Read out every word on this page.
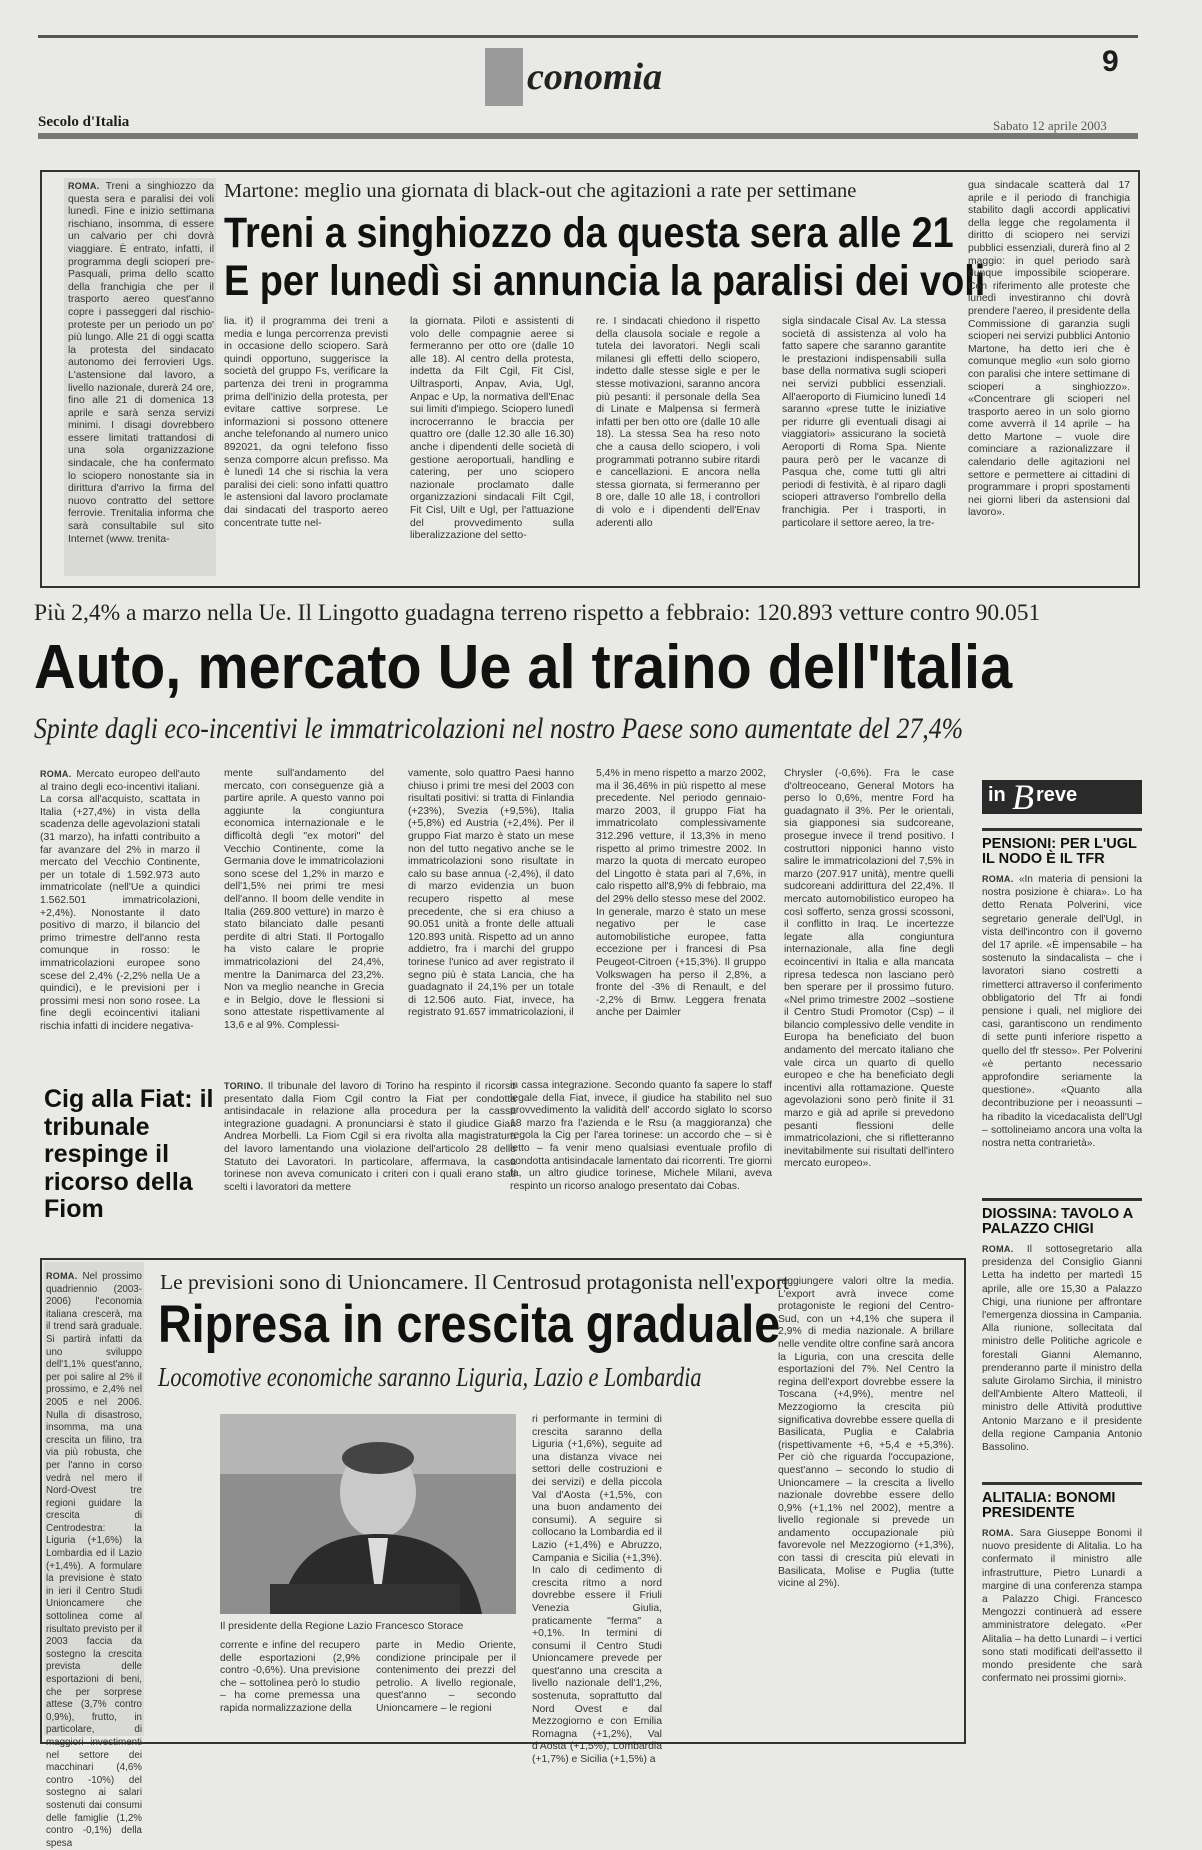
E conomia	9
Secolo d'Italia	Sabato 12 aprile 2003
ROMA. Treni a singhiozzo da questa sera e paralisi dei voli lunedì. Fine e inizio settimana rischiano, insomma, di essere un calvario per chi dovrà viaggiare. È entrato, infatti, il programma degli scioperi pre-Pasquali, prima dello scatto della franchigia che per il trasporto aereo quest'anno copre i passeggeri dal rischio-proteste per un periodo un po' più lungo. Alle 21 di oggi scatta la protesta del sindacato autonomo dei ferrovieri Ugs. L'astensione dal lavoro, a livello nazionale, durerà 24 ore, fino alle 21 di domenica 13 aprile e sarà senza servizi minimi. I disagi dovrebbero essere limitati trattandosi di una sola organizzazione sindacale, che ha confermato lo sciopero nonostante sia in dirittura d'arrivo la firma del nuovo contratto del settore ferrovie. Trenitalia informa che sarà consultabile sul sito Internet (www. trenita-
Martone: meglio una giornata di black-out che agitazioni a rate per settimane
Treni a singhiozzo da questa sera alle 21
E per lunedì si annuncia la paralisi dei voli
lia. it) il programma dei treni a media e lunga percorrenza previsti in occasione dello sciopero. Sarà quindi opportuno, suggerisce la società del gruppo Fs, verificare la partenza dei treni in programma prima dell'inizio della protesta, per evitare cattive sorprese. Le informazioni si possono ottenere anche telefonando al numero unico 892021, da ogni telefono fisso senza comporre alcun prefisso. Ma è lunedì 14 che si rischia la vera paralisi dei cieli: sono infatti quattro le astensioni dal lavoro proclamate dai sindacati del trasporto aereo concentrate tutte nel-
la giornata. Piloti e assistenti di volo delle compagnie aeree si fermeranno per otto ore (dalle 10 alle 18). Al centro della protesta, indetta da Filt Cgil, Fit Cisl, Uiltrasporti, Anpav, Avia, Ugl, Anpac e Up, la normativa dell'Enac sui limiti d'impiego. Sciopero lunedì incrocerranno le braccia per quattro ore (dalle 12.30 alle 16.30) anche i dipendenti delle società di gestione aeroportuali, handling e catering, per uno sciopero nazionale proclamato dalle organizzazioni sindacali Filt Cgil, Fit Cisl, Uilt e Ugl, per l'attuazione del provvedimento sulla liberalizzazione del setto-
re. I sindacati chiedono il rispetto della clausola sociale e regole a tutela dei lavoratori. Negli scali milanesi gli effetti dello sciopero, indetto dalle stesse sigle e per le stesse motivazioni, saranno ancora più pesanti: il personale della Sea di Linate e Malpensa si fermerà infatti per ben otto ore (dalle 10 alle 18). La stessa Sea ha reso noto che a causa dello sciopero, i voli programmati potranno subire ritardi e cancellazioni. E ancora nella stessa giornata, si fermeranno per 8 ore, dalle 10 alle 18, i controllori di volo e i dipendenti dell'Enav aderenti allo
sigla sindacale Cisal Av. La stessa società di assistenza al volo ha fatto sapere che saranno garantite le prestazioni indispensabili sulla base della normativa sugli scioperi nei servizi pubblici essenziali. All'aeroporto di Fiumicino lunedì 14 saranno «prese tutte le iniziative per ridurre gli eventuali disagi ai viaggiatori» assicurano la società Aeroporti di Roma Spa. Niente paura però per le vacanze di Pasqua che, come tutti gli altri periodi di festività, è al riparo dagli scioperi attraverso l'ombrello della franchigia. Per i trasporti, in particolare il settore aereo, la tre-
gua sindacale scatterà dal 17 aprile e il periodo di franchigia stabilito dagli accordi applicativi della legge che regolamenta il diritto di sciopero nei servizi pubblici essenziali, durerà fino al 2 maggio: in quel periodo sarà dunque impossibile scioperare. Con riferimento alle proteste che lunedì investiranno chi dovrà prendere l'aereo, il presidente della Commissione di garanzia sugli scioperi nei servizi pubblici Antonio Martone, ha detto ieri che è comunque meglio «un solo giorno con paralisi che intere settimane di scioperi a singhiozzo». «Concentrare gli scioperi nel trasporto aereo in un solo giorno come avverrà il 14 aprile – ha detto Martone – vuole dire cominciare a razionalizzare il calendario delle agitazioni nel settore e permettere ai cittadini di programmare i propri spostamenti nei giorni liberi da astensioni dal lavoro».
Più 2,4% a marzo nella Ue. Il Lingotto guadagna terreno rispetto a febbraio: 120.893 vetture contro 90.051
Auto, mercato Ue al traino dell'Italia
Spinte dagli eco-incentivi le immatricolazioni nel nostro Paese sono aumentate del 27,4%
ROMA. Mercato europeo dell'auto al traino degli eco-incentivi italiani. La corsa all'acquisto, scattata in Italia (+27,4%) in vista della scadenza delle agevolazioni statali (31 marzo), ha infatti contribuito a far avanzare del 2% in marzo il mercato del Vecchio Continente, per un totale di 1.592.973 auto immatricolate (nell'Ue a quindici 1.562.501 immatricolazioni, +2,4%). Nonostante il dato positivo di marzo, il bilancio del primo trimestre dell'anno resta comunque in rosso: le immatricolazioni europee sono scese del 2,4% (-2,2% nella Ue a quindici), e le previsioni per i prossimi mesi non sono rosee. La fine degli ecoincentivi italiani rischia infatti di incidere negativa-
mente sull'andamento del mercato, con conseguenze già a partire aprile. A questo vanno poi aggiunte la congiuntura economica internazionale e le difficoltà degli "ex motori" del Vecchio Continente, come la Germania dove le immatricolazioni sono scese del 1,2% in marzo e dell'1,5% nei primi tre mesi dell'anno. Il boom delle vendite in Italia (269.800 vetture) in marzo è stato bilanciato dalle pesanti perdite di altri Stati. Il Portogallo ha visto calare le proprie immatricolazioni del 24,4%, mentre la Danimarca del 23,2%. Non va meglio neanche in Grecia e in Belgio, dove le flessioni si sono attestate rispettivamente al 13,6 e al 9%. Complessi-
vamente, solo quattro Paesi hanno chiuso i primi tre mesi del 2003 con risultati positivi: si tratta di Finlandia (+23%), Svezia (+9,5%), Italia (+5,8%) ed Austria (+2,4%). Per il gruppo Fiat marzo è stato un mese non del tutto negativo anche se le immatricolazioni sono risultate in calo su base annua (-2,4%), il dato di marzo evidenzia un buon recupero rispetto al mese precedente, che si era chiuso a 90.051 unità a fronte delle attuali 120.893 unità. Rispetto ad un anno addietro, fra i marchi del gruppo torinese l'unico ad aver registrato il segno più è stata Lancia, che ha guadagnato il 24,1% per un totale di 12.506 auto. Fiat, invece, ha registrato 91.657 immatricolazioni, il
5,4% in meno rispetto a marzo 2002, ma il 36,46% in più rispetto al mese precedente. Nel periodo gennaio-marzo 2003, il gruppo Fiat ha immatricolato complessivamente 312.296 vetture, il 13,3% in meno rispetto al primo trimestre 2002. In marzo la quota di mercato europeo del Lingotto è stata pari al 7,6%, in calo rispetto all'8,9% di febbraio, ma del 29% dello stesso mese del 2002. In generale, marzo è stato un mese negativo per le case automobilistiche europee, fatta eccezione per i francesi di Psa Peugeot-Citroen (+15,3%). Il gruppo Volkswagen ha perso il 2,8%, a fronte del -3% di Renault, e del -2,2% di Bmw. Leggera frenata anche per Daimler
Chrysler (-0,6%). Fra le case d'oltreoceano, General Motors ha perso lo 0,6%, mentre Ford ha guadagnato il 3%. Per le orientali, sia giapponesi sia sudcoreane, prosegue invece il trend positivo. I costruttori nipponici hanno visto salire le immatricolazioni del 7,5% in marzo (207.917 unità), mentre quelli sudcoreani addirittura del 22,4%. Il mercato automobilistico europeo ha così sofferto, senza grossi scossoni, il conflitto in Iraq. Le incertezze legate alla congiuntura internazionale, alla fine degli ecoincentivi in Italia e alla mancata ripresa tedesca non lasciano però ben sperare per il prossimo futuro. «Nel primo trimestre 2002 –sostiene il Centro Studi Promotor (Csp) – il bilancio complessivo delle vendite in Europa ha beneficiato del buon andamento del mercato italiano che vale circa un quarto di quello europeo e che ha beneficiato degli incentivi alla rottamazione. Queste agevolazioni sono però finite il 31 marzo e già ad aprile si prevedono pesanti flessioni delle immatricolazioni, che si rifletteranno inevitabilmente sui risultati dell'intero mercato europeo».
Cig alla Fiat: il tribunale respinge il ricorso della Fiom
TORINO. Il tribunale del lavoro di Torino ha respinto il ricorso presentato dalla Fiom Cgil contro la Fiat per condotta antisindacale in relazione alla procedura per la cassa integrazione guadagni. A pronunciarsi è stato il giudice Gian Andrea Morbelli. La Fiom Cgil si era rivolta alla magistratura del lavoro lamentando una violazione dell'articolo 28 dello Statuto dei Lavoratori. In particolare, affermava, la casa torinese non aveva comunicato i criteri con i quali erano stati scelti i lavoratori da mettere
in cassa integrazione. Secondo quanto fa sapere lo staff legale della Fiat, invece, il giudice ha stabilito nel suo provvedimento la validità dell' accordo siglato lo scorso 18 marzo fra l'azienda e le Rsu (a maggioranza) che regola la Cig per l'area torinese: un accordo che – si è letto – fa venir meno qualsiasi eventuale profilo di condotta antisindacale lamentato dai ricorrenti. Tre giorni fa, un altro giudice torinese, Michele Milani, aveva respinto un ricorso analogo presentato dai Cobas.
ROMA. Nel prossimo quadriennio (2003-2006) l'economia italiana crescerà, ma il trend sarà graduale. Si partirà infatti da uno sviluppo dell'1,1% quest'anno, per poi salire al 2% il prossimo, e 2,4% nel 2005 e nel 2006. Nulla di disastroso, insomma, ma una crescita un filino, tra via più robusta, che per l'anno in corso vedrà nel mero il Nord-Ovest tre regioni guidare la crescita di Centrodestra: la Liguria (+1,6%) la Lombardia ed il Lazio (+1,4%). A formulare la previsione è stato in ieri il Centro Studi Unioncamere che sottolinea come al risultato previsto per il 2003 faccia da sostegno la crescita prevista delle esportazioni di beni, che per sorprese attese (3,7% contro 0,9%), frutto, in particolare, di maggiori investimenti nel settore dei macchinari (4,6% contro -10%) del sostegno ai salari sostenuti dai consumi delle famiglie (1,2% contro -0,1%) della spesa
Le previsioni sono di Unioncamere. Il Centrosud protagonista nell'export
Ripresa in crescita graduale
Locomotive economiche saranno Liguria, Lazio e Lombardia
Il presidente della Regione Lazio Francesco Storace
corrente e infine del recupero delle esportazioni (2,9% contro -0,6%). Una previsione che – sottolinea però lo studio – ha come premessa una rapida normalizzazione della
parte in Medio Oriente, condizione principale per il contenimento dei prezzi del petrolio. A livello regionale, quest'anno – secondo Unioncamere – le regioni
ri performante in termini di crescita saranno della Liguria (+1,6%), seguite ad una distanza vivace nei settori delle costruzioni e dei servizi) e della piccola Val d'Aosta (+1,5%, con una buon andamento dei consumi). A seguire si collocano la Lombardia ed il Lazio (+1,4%) e Abruzzo, Campania e Sicilia (+1,3%). In calo di cedimento di crescita ritmo a nord dovrebbe essere il Friuli Venezia Giulia, praticamente "ferma" a +0,1%. In termini di consumi il Centro Studi Unioncamere prevede per quest'anno una crescita a livello nazionale dell'1,2%, sostenuta, soprattutto dal Nord Ovest e dal Mezzogiorno e con Emilia Romagna (+1,2%), Val d'Aosta (+1,5%), Lombardia (+1,7%) e Sicilia (+1,5%) a
raggiungere valori oltre la media. L'export avrà invece come protagoniste le regioni del Centro-Sud, con un +4,1% che supera il 2,9% di media nazionale. A brillare nelle vendite oltre confine sarà ancora la Liguria, con una crescita delle esportazioni del 7%. Nel Centro la regina dell'export dovrebbe essere la Toscana (+4,9%), mentre nel Mezzogiorno la crescita più significativa dovrebbe essere quella di Basilicata, Puglia e Calabria (rispettivamente +6, +5,4 e +5,3%). Per ciò che riguarda l'occupazione, quest'anno – secondo lo studio di Unioncamere – la crescita a livello nazionale dovrebbe essere dello 0,9% (+1,1% nel 2002), mentre a livello regionale si prevede un andamento occupazionale più favorevole nel Mezzogiorno (+1,3%), con tassi di crescita più elevati in Basilicata, Molise e Puglia (tutte vicine al 2%).
in B reve
PENSIONI: PER L'UGL IL NODO È IL TFR
ROMA. «In materia di pensioni la nostra posizione è chiara». Lo ha detto Renata Polverini, vice segretario generale dell'Ugl, in vista dell'incontro con il governo del 17 aprile. «È impensabile – ha sostenuto la sindacalista – che i lavoratori siano costretti a rimetterci attraverso il conferimento obbligatorio del Tfr ai fondi pensione i quali, nel migliore dei casi, garantiscono un rendimento di sette punti inferiore rispetto a quello del tfr stesso». Per Polverini «è pertanto necessario approfondire seriamente la questione». «Quanto alla decontribuzione per i neoassunti – ha ribadito la vicedacalista dell'Ugl – sottolineiamo ancora una volta la nostra netta contrarietà».
DIOSSINA: TAVOLO A PALAZZO CHIGI
ROMA. Il sottosegretario alla presidenza del Consiglio Gianni Letta ha indetto per martedì 15 aprile, alle ore 15,30 a Palazzo Chigi, una riunione per affrontare l'emergenza diossina in Campania. Alla riunione, sollecitata dal ministro delle Politiche agricole e forestali Gianni Alemanno, prenderanno parte il ministro della salute Girolamo Sirchia, il ministro dell'Ambiente Altero Matteoli, il ministro delle Attività produttive Antonio Marzano e il presidente della regione Campania Antonio Bassolino.
ALITALIA: BONOMI PRESIDENTE
ROMA. Sara Giuseppe Bonomi il nuovo presidente di Alitalia. Lo ha confermato il ministro alle infrastrutture, Pietro Lunardi a margine di una conferenza stampa a Palazzo Chigi. Francesco Mengozzi continuerà ad essere amministratore delegato. «Per Alitalia – ha detto Lunardi – i vertici sono stati modificati dell'assetto il mondo presidente che sarà confermato nei prossimi giorni».
